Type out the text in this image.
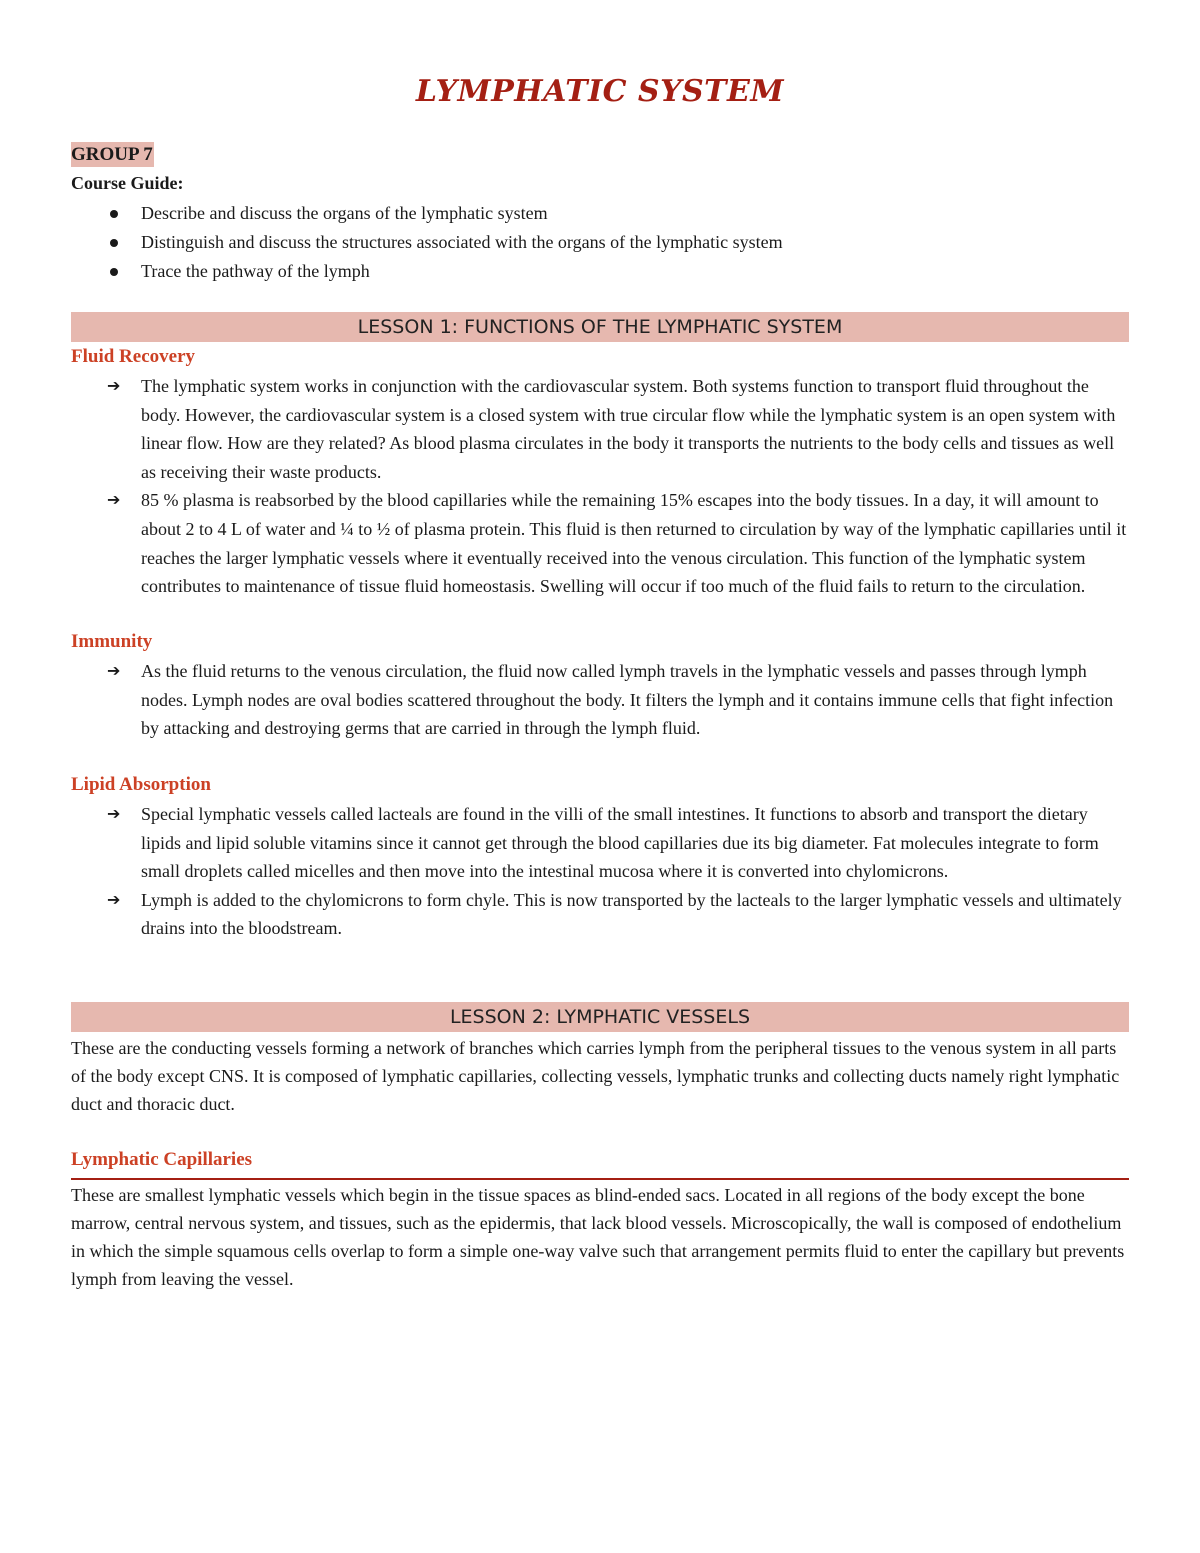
LYMPHATIC SYSTEM
GROUP 7
Course Guide:
Describe and discuss the organs of the lymphatic system
Distinguish and discuss the structures associated with the organs of the lymphatic system
Trace the pathway of the lymph
LESSON 1: FUNCTIONS OF THE LYMPHATIC SYSTEM
Fluid Recovery
➔ The lymphatic system works in conjunction with the cardiovascular system. Both systems function to transport fluid throughout the body. However, the cardiovascular system is a closed system with true circular flow while the lymphatic system is an open system with linear flow. How are they related? As blood plasma circulates in the body it transports the nutrients to the body cells and tissues as well as receiving their waste products.
➔ 85 % plasma is reabsorbed by the blood capillaries while the remaining 15% escapes into the body tissues. In a day, it will amount to about 2 to 4 L of water and ¼ to ½ of plasma protein. This fluid is then returned to circulation by way of the lymphatic capillaries until it reaches the larger lymphatic vessels where it eventually received into the venous circulation. This function of the lymphatic system contributes to maintenance of tissue fluid homeostasis. Swelling will occur if too much of the fluid fails to return to the circulation.
Immunity
➔ As the fluid returns to the venous circulation, the fluid now called lymph travels in the lymphatic vessels and passes through lymph nodes. Lymph nodes are oval bodies scattered throughout the body. It filters the lymph and it contains immune cells that fight infection by attacking and destroying germs that are carried in through the lymph fluid.
Lipid Absorption
➔ Special lymphatic vessels called lacteals are found in the villi of the small intestines. It functions to absorb and transport the dietary lipids and lipid soluble vitamins since it cannot get through the blood capillaries due its big diameter. Fat molecules integrate to form small droplets called micelles and then move into the intestinal mucosa where it is converted into chylomicrons.
➔ Lymph is added to the chylomicrons to form chyle. This is now transported by the lacteals to the larger lymphatic vessels and ultimately drains into the bloodstream.
LESSON 2: LYMPHATIC VESSELS

These are the conducting vessels forming a network of branches which carries lymph from the peripheral tissues to the venous system in all parts of the body except CNS. It is composed of lymphatic capillaries, collecting vessels, lymphatic trunks and collecting ducts namely right lymphatic duct and thoracic duct.

Lymphatic Capillaries

These are smallest lymphatic vessels which begin in the tissue spaces as blind-ended sacs. Located in all regions of the body except the bone marrow, central nervous system, and tissues, such as the epidermis, that lack blood vessels. Microscopically, the wall is composed of endothelium in which the simple squamous cells overlap to form a simple one-way valve such that arrangement permits fluid to enter the capillary but prevents lymph from leaving the vessel.
